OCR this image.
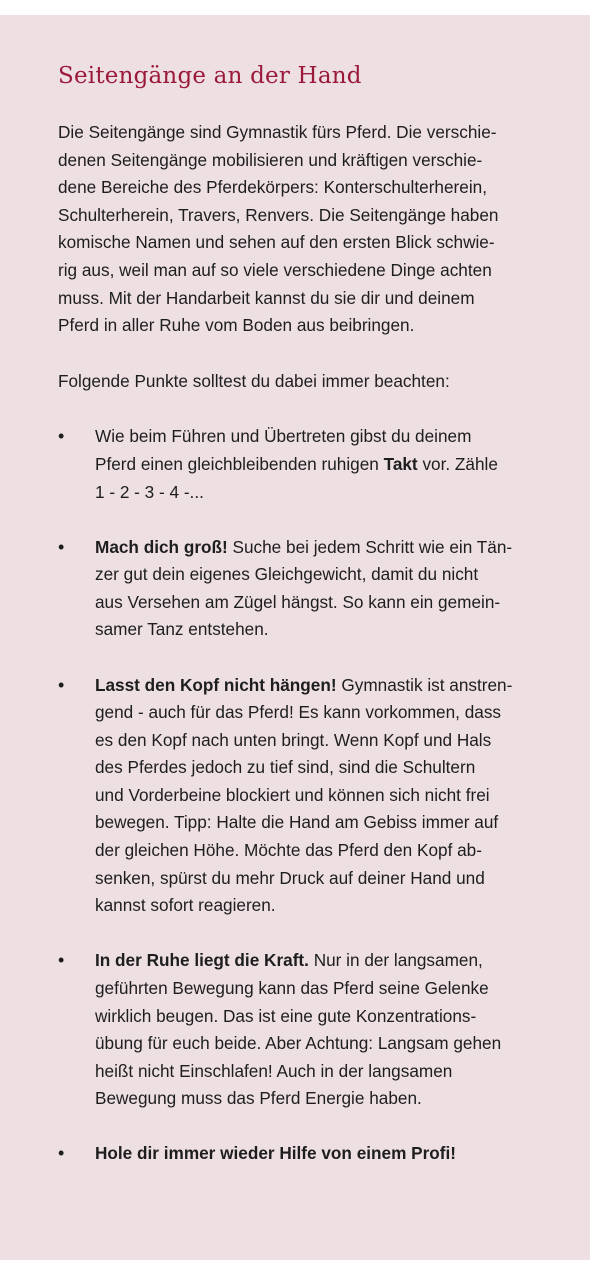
Seitengänge an der Hand
Die Seitengänge sind Gymnastik fürs Pferd. Die verschie-
denen Seitengänge mobilisieren und kräftigen verschie-
dene Bereiche des Pferdekörpers: Konterschulterherein,
Schulterherein, Travers, Renvers. Die Seitengänge haben
komische Namen und sehen auf den ersten Blick schwie-
rig aus, weil man auf so viele verschiedene Dinge achten
muss. Mit der Handarbeit kannst du sie dir und deinem
Pferd in aller Ruhe vom Boden aus beibringen.
Folgende Punkte solltest du dabei immer beachten:
• Wie beim Führen und Übertreten gibst du deinem
Pferd einen gleichbleibenden ruhigen Takt vor. Zähle
1 - 2 - 3 - 4 -...
• Mach dich groß! Suche bei jedem Schritt wie ein Tän-
zer gut dein eigenes Gleichgewicht, damit du nicht
aus Versehen am Zügel hängst. So kann ein gemein-
samer Tanz entstehen.
• Lasst den Kopf nicht hängen! Gymnastik ist anstren-
gend - auch für das Pferd! Es kann vorkommen, dass
es den Kopf nach unten bringt. Wenn Kopf und Hals
des Pferdes jedoch zu tief sind, sind die Schultern
und Vorderbeine blockiert und können sich nicht frei
bewegen. Tipp: Halte die Hand am Gebiss immer auf
der gleichen Höhe. Möchte das Pferd den Kopf ab-
senken, spürst du mehr Druck auf deiner Hand und
kannst sofort reagieren.
• In der Ruhe liegt die Kraft. Nur in der langsamen,
geführten Bewegung kann das Pferd seine Gelenke
wirklich beugen. Das ist eine gute Konzentrations-
übung für euch beide. Aber Achtung: Langsam gehen
heißt nicht Einschlafen! Auch in der langsamen
Bewegung muss das Pferd Energie haben.
• Hole dir immer wieder Hilfe von einem Profi!
